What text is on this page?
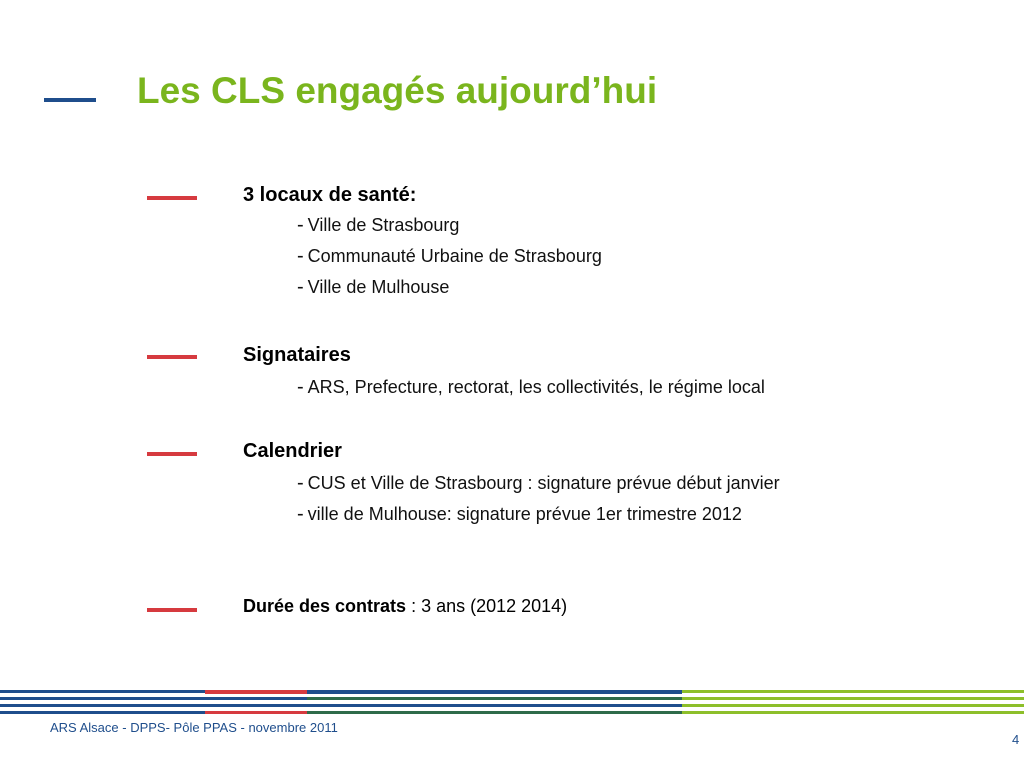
Les CLS engagés aujourd’hui
3 locaux de santé:
- Ville de Strasbourg
- Communauté Urbaine de Strasbourg
- Ville de Mulhouse
Signataires
- ARS, Prefecture, rectorat, les collectivités, le régime local
Calendrier
- CUS et Ville de Strasbourg : signature prévue début janvier
- ville de Mulhouse: signature prévue 1er trimestre 2012
Durée des contrats : 3 ans (2012 2014)
ARS Alsace - DPPS- Pôle PPAS - novembre 2011
4
